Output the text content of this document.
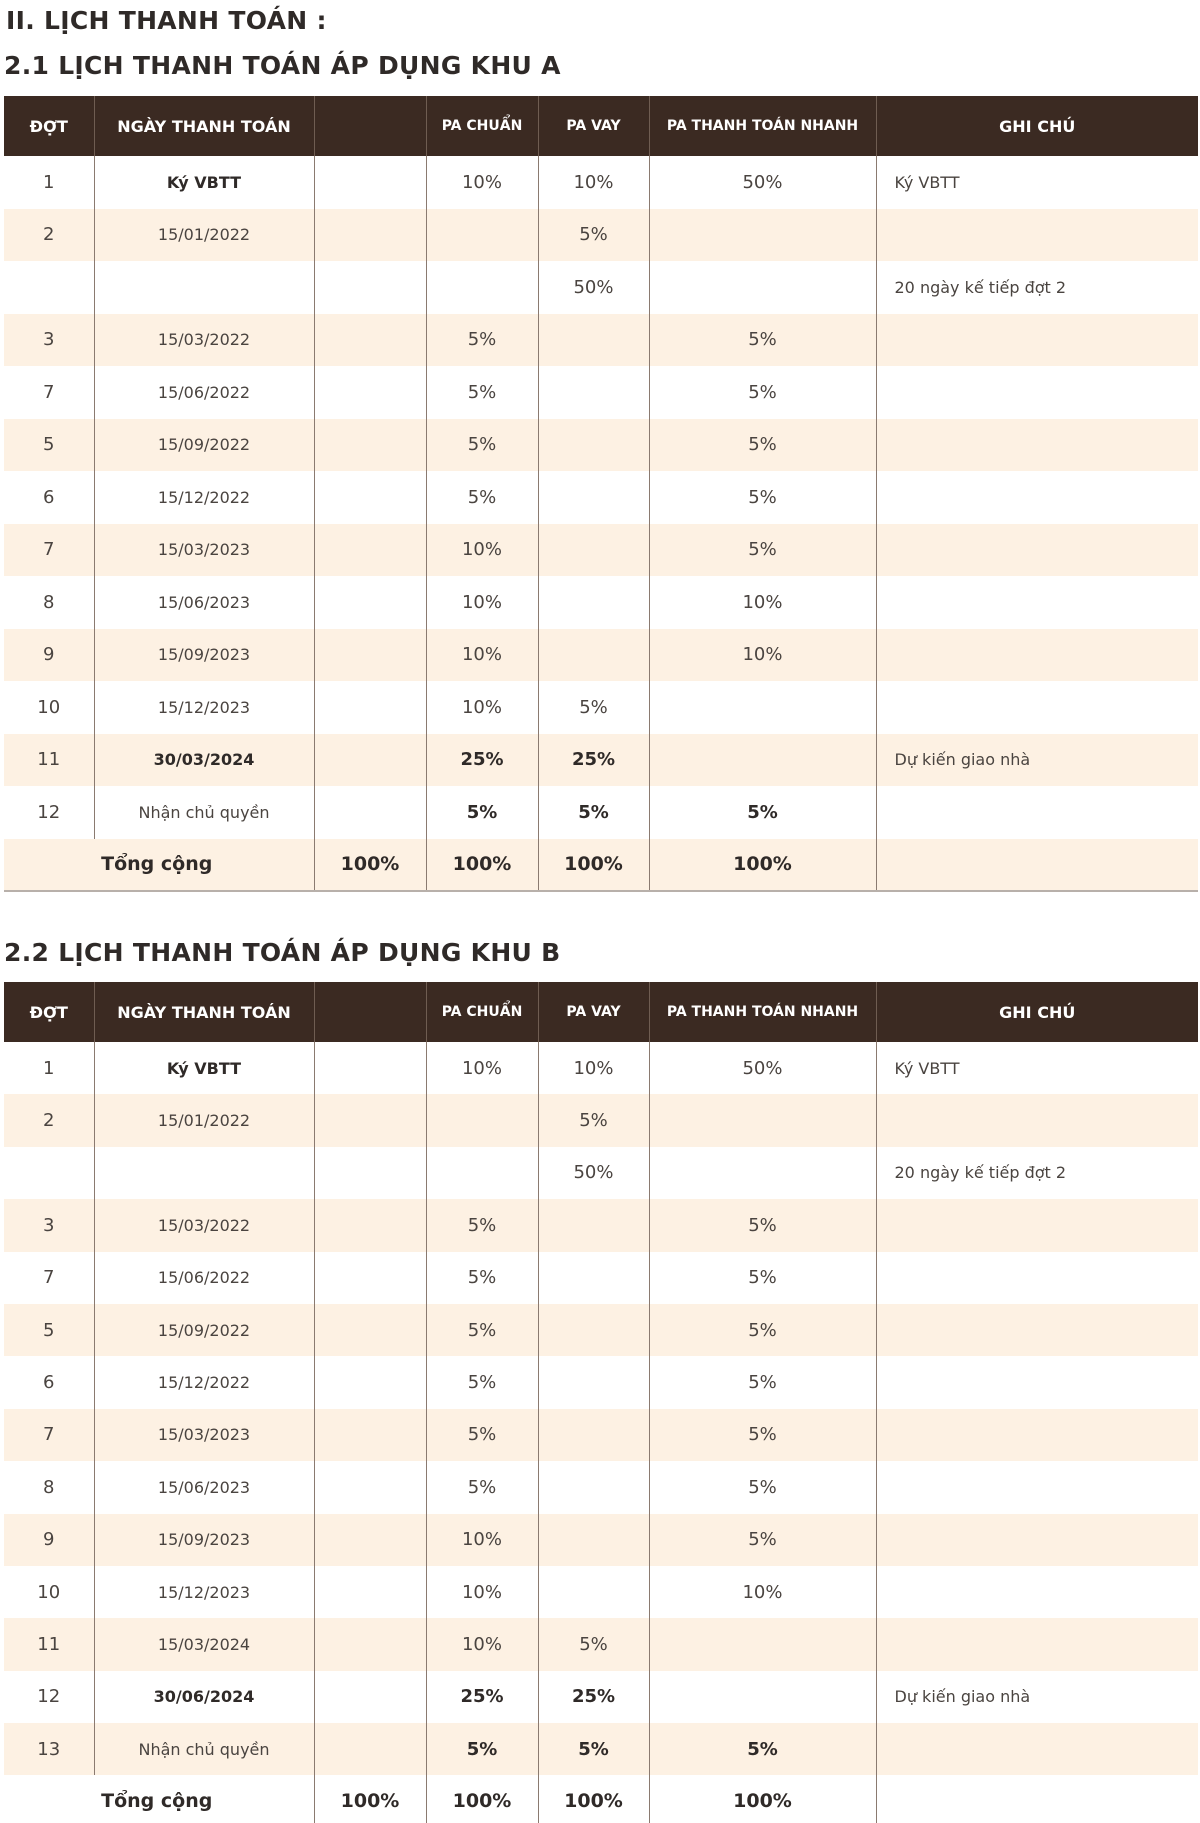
II. LỊCH THANH TOÁN :
2.1 LỊCH THANH TOÁN ÁP DỤNG KHU A
ĐỢT	NGÀY THANH TOÁN		PA CHUẨN	PA VAY	PA THANH TOÁN NHANH	GHI CHÚ
1	Ký VBTT		10%	10%	50%	Ký VBTT
2	15/01/2022			5%		
				50%		20 ngày kế tiếp đợt 2
3	15/03/2022		5%		5%	
7	15/06/2022		5%		5%	
5	15/09/2022		5%		5%	
6	15/12/2022		5%		5%	
7	15/03/2023		10%		5%	
8	15/06/2023		10%		10%	
9	15/09/2023		10%		10%	
10	15/12/2023		10%	5%		
11	30/03/2024		25%	25%		Dự kiến giao nhà
12	Nhận chủ quyền		5%	5%	5%	
Tổng cộng		100%	100%	100%	100%	
2.2 LỊCH THANH TOÁN ÁP DỤNG KHU B
ĐỢT	NGÀY THANH TOÁN		PA CHUẨN	PA VAY	PA THANH TOÁN NHANH	GHI CHÚ
1	Ký VBTT		10%	10%	50%	Ký VBTT
2	15/01/2022			5%		
				50%		20 ngày kế tiếp đợt 2
3	15/03/2022		5%		5%	
7	15/06/2022		5%		5%	
5	15/09/2022		5%		5%	
6	15/12/2022		5%		5%	
7	15/03/2023		5%		5%	
8	15/06/2023		5%		5%	
9	15/09/2023		10%		5%	
10	15/12/2023		10%		10%	
11	15/03/2024		10%	5%		
12	30/06/2024		25%	25%		Dự kiến giao nhà
13	Nhận chủ quyền		5%	5%	5%	
Tổng cộng		100%	100%	100%	100%	
